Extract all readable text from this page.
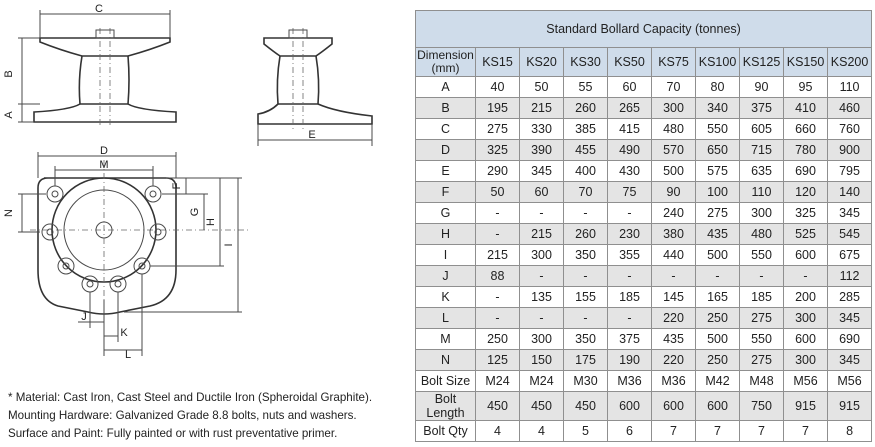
C
B
A
E
D
M
N
F
G
H
I
J
K
L
* Material: Cast Iron, Cast Steel and Ductile Iron (Spheroidal Graphite).
Mounting Hardware: Galvanized Grade 8.8 bolts, nuts and washers.
Surface and Paint: Fully painted or with rust preventative primer.
Standard Bollard Capacity (tonnes)									
Dimension
(mm)	KS15	KS20	KS30	KS50	KS75	KS100	KS125	KS150	KS200
A	40	50	55	60	70	80	90	95	110
B	195	215	260	265	300	340	375	410	460
C	275	330	385	415	480	550	605	660	760
D	325	390	455	490	570	650	715	780	900
E	290	345	400	430	500	575	635	690	795
F	50	60	70	75	90	100	110	120	140
G	-	-	-	-	240	275	300	325	345
H	-	215	260	230	380	435	480	525	545
I	215	300	350	355	440	500	550	600	675
J	88	-	-	-	-	-	-	-	112
K	-	135	155	185	145	165	185	200	285
L	-	-	-	-	220	250	275	300	345
M	250	300	350	375	435	500	550	600	690
N	125	150	175	190	220	250	275	300	345
Bolt Size	M24	M24	M30	M36	M36	M42	M48	M56	M56
Bolt Length	450	450	450	600	600	600	750	915	915
Bolt Qty	4	4	5	6	7	7	7	7	8
